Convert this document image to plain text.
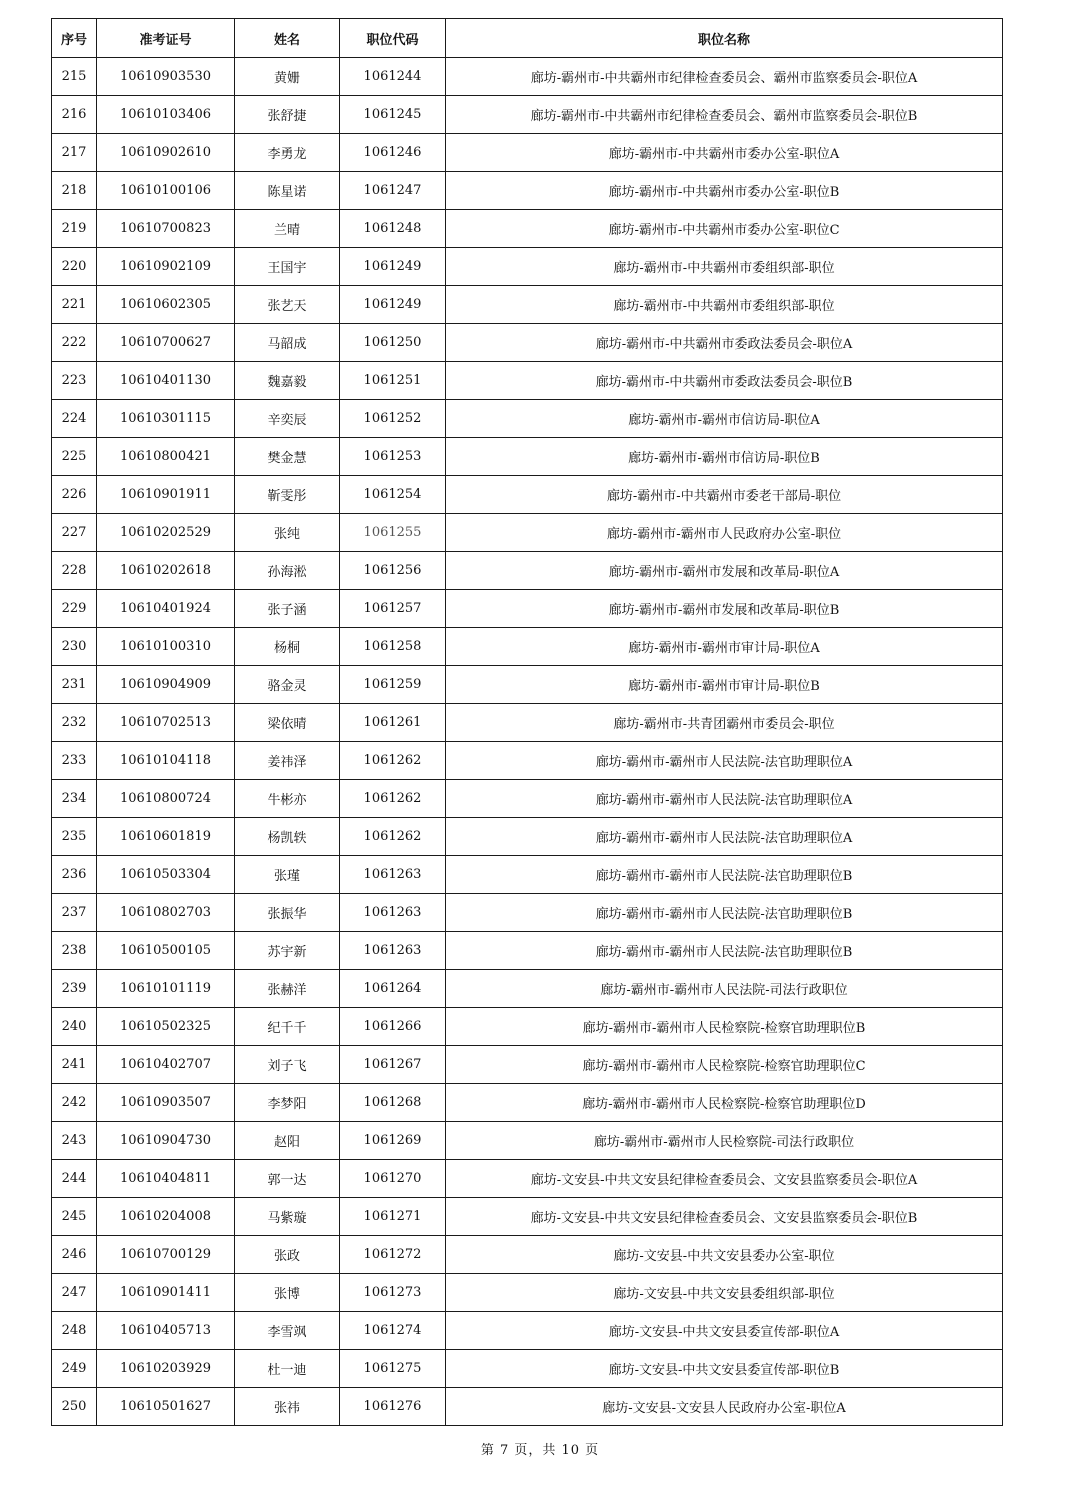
序号	准考证号	姓名	职位代码	职位名称
215	10610903530	黄姗	1061244	廊坊-霸州市-中共霸州市纪律检查委员会、霸州市监察委员会-职位A
216	10610103406	张舒捷	1061245	廊坊-霸州市-中共霸州市纪律检查委员会、霸州市监察委员会-职位B
217	10610902610	李勇龙	1061246	廊坊-霸州市-中共霸州市委办公室-职位A
218	10610100106	陈星诺	1061247	廊坊-霸州市-中共霸州市委办公室-职位B
219	10610700823	兰晴	1061248	廊坊-霸州市-中共霸州市委办公室-职位C
220	10610902109	王国宇	1061249	廊坊-霸州市-中共霸州市委组织部-职位
221	10610602305	张艺天	1061249	廊坊-霸州市-中共霸州市委组织部-职位
222	10610700627	马韶成	1061250	廊坊-霸州市-中共霸州市委政法委员会-职位A
223	10610401130	魏嘉毅	1061251	廊坊-霸州市-中共霸州市委政法委员会-职位B
224	10610301115	辛奕辰	1061252	廊坊-霸州市-霸州市信访局-职位A
225	10610800421	樊金慧	1061253	廊坊-霸州市-霸州市信访局-职位B
226	10610901911	靳雯彤	1061254	廊坊-霸州市-中共霸州市委老干部局-职位
227	10610202529	张纯	1061255	廊坊-霸州市-霸州市人民政府办公室-职位
228	10610202618	孙海淞	1061256	廊坊-霸州市-霸州市发展和改革局-职位A
229	10610401924	张子涵	1061257	廊坊-霸州市-霸州市发展和改革局-职位B
230	10610100310	杨桐	1061258	廊坊-霸州市-霸州市审计局-职位A
231	10610904909	骆金灵	1061259	廊坊-霸州市-霸州市审计局-职位B
232	10610702513	梁依晴	1061261	廊坊-霸州市-共青团霸州市委员会-职位
233	10610104118	姜祎泽	1061262	廊坊-霸州市-霸州市人民法院-法官助理职位A
234	10610800724	牛彬亦	1061262	廊坊-霸州市-霸州市人民法院-法官助理职位A
235	10610601819	杨凯轶	1061262	廊坊-霸州市-霸州市人民法院-法官助理职位A
236	10610503304	张瑾	1061263	廊坊-霸州市-霸州市人民法院-法官助理职位B
237	10610802703	张振华	1061263	廊坊-霸州市-霸州市人民法院-法官助理职位B
238	10610500105	苏宇新	1061263	廊坊-霸州市-霸州市人民法院-法官助理职位B
239	10610101119	张赫洋	1061264	廊坊-霸州市-霸州市人民法院-司法行政职位
240	10610502325	纪千千	1061266	廊坊-霸州市-霸州市人民检察院-检察官助理职位B
241	10610402707	刘子飞	1061267	廊坊-霸州市-霸州市人民检察院-检察官助理职位C
242	10610903507	李梦阳	1061268	廊坊-霸州市-霸州市人民检察院-检察官助理职位D
243	10610904730	赵阳	1061269	廊坊-霸州市-霸州市人民检察院-司法行政职位
244	10610404811	郭一达	1061270	廊坊-文安县-中共文安县纪律检查委员会、文安县监察委员会-职位A
245	10610204008	马紫璇	1061271	廊坊-文安县-中共文安县纪律检查委员会、文安县监察委员会-职位B
246	10610700129	张政	1061272	廊坊-文安县-中共文安县委办公室-职位
247	10610901411	张博	1061273	廊坊-文安县-中共文安县委组织部-职位
248	10610405713	李雪飒	1061274	廊坊-文安县-中共文安县委宣传部-职位A
249	10610203929	杜一迪	1061275	廊坊-文安县-中共文安县委宣传部-职位B
250	10610501627	张祎	1061276	廊坊-文安县-文安县人民政府办公室-职位A
第 7 页，共 10 页
